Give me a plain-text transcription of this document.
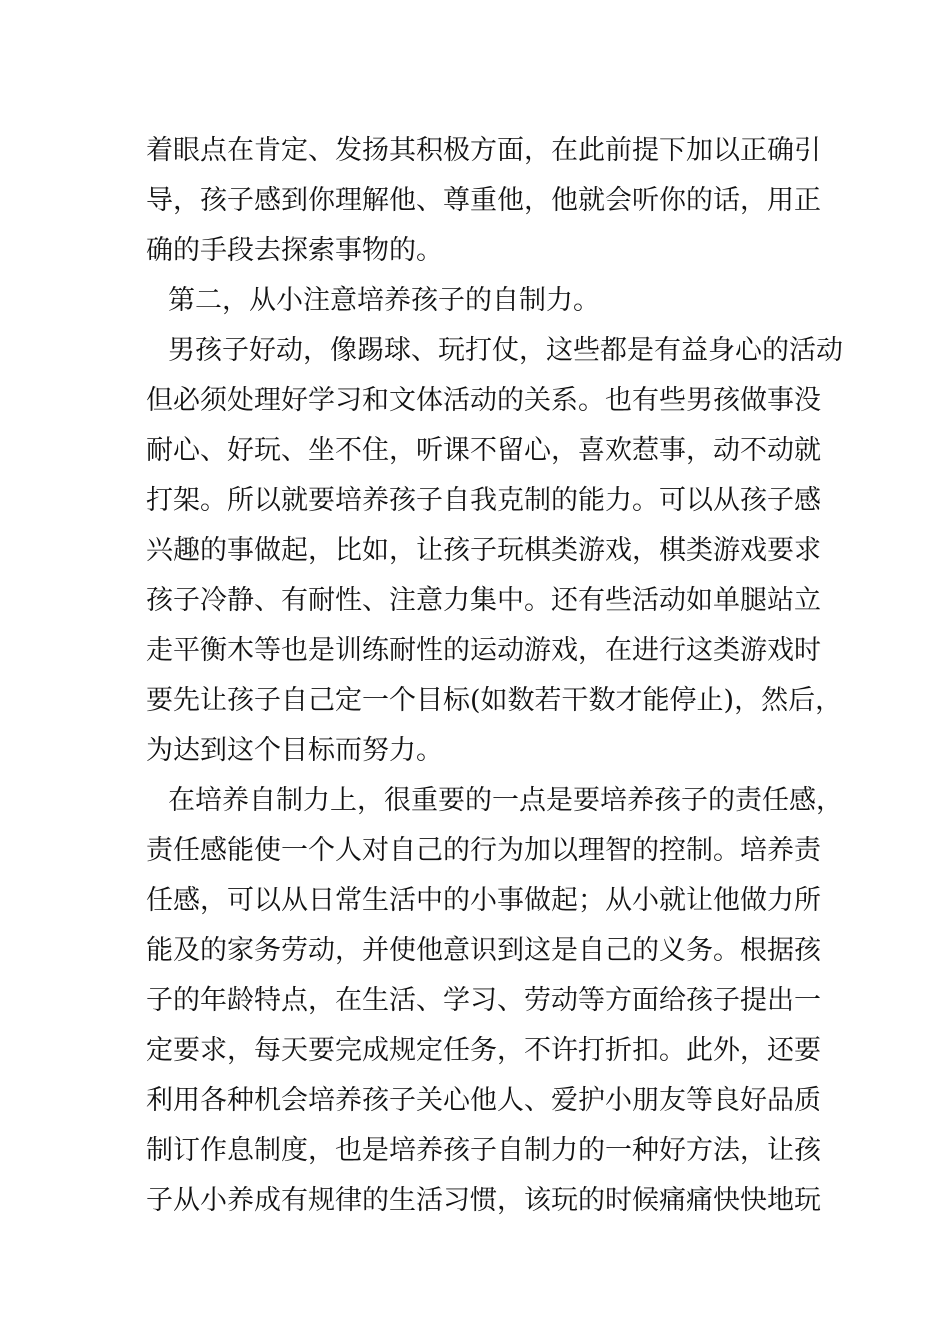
着眼点在肯定、发扬其积极方面，在此前提下加以正确引
导，孩子感到你理解他、尊重他，他就会听你的话，用正
确的手段去探索事物的。
第二，从小注意培养孩子的自制力。
男孩子好动，像踢球、玩打仗，这些都是有益身心的活动
但必须处理好学习和文体活动的关系。也有些男孩做事没
耐心、好玩、坐不住，听课不留心，喜欢惹事，动不动就
打架。所以就要培养孩子自我克制的能力。可以从孩子感
兴趣的事做起，比如，让孩子玩棋类游戏，棋类游戏要求
孩子冷静、有耐性、注意力集中。还有些活动如单腿站立
走平衡木等也是训练耐性的运动游戏，在进行这类游戏时
要先让孩子自己定一个目标(如数若干数才能停止)，然后，
为达到这个目标而努力。
在培养自制力上，很重要的一点是要培养孩子的责任感，
责任感能使一个人对自己的行为加以理智的控制。培养责
任感，可以从日常生活中的小事做起；从小就让他做力所
能及的家务劳动，并使他意识到这是自己的义务。根据孩
子的年龄特点，在生活、学习、劳动等方面给孩子提出一
定要求，每天要完成规定任务，不许打折扣。此外，还要
利用各种机会培养孩子关心他人、爱护小朋友等良好品质
制订作息制度，也是培养孩子自制力的一种好方法，让孩
子从小养成有规律的生活习惯，该玩的时候痛痛快快地玩
